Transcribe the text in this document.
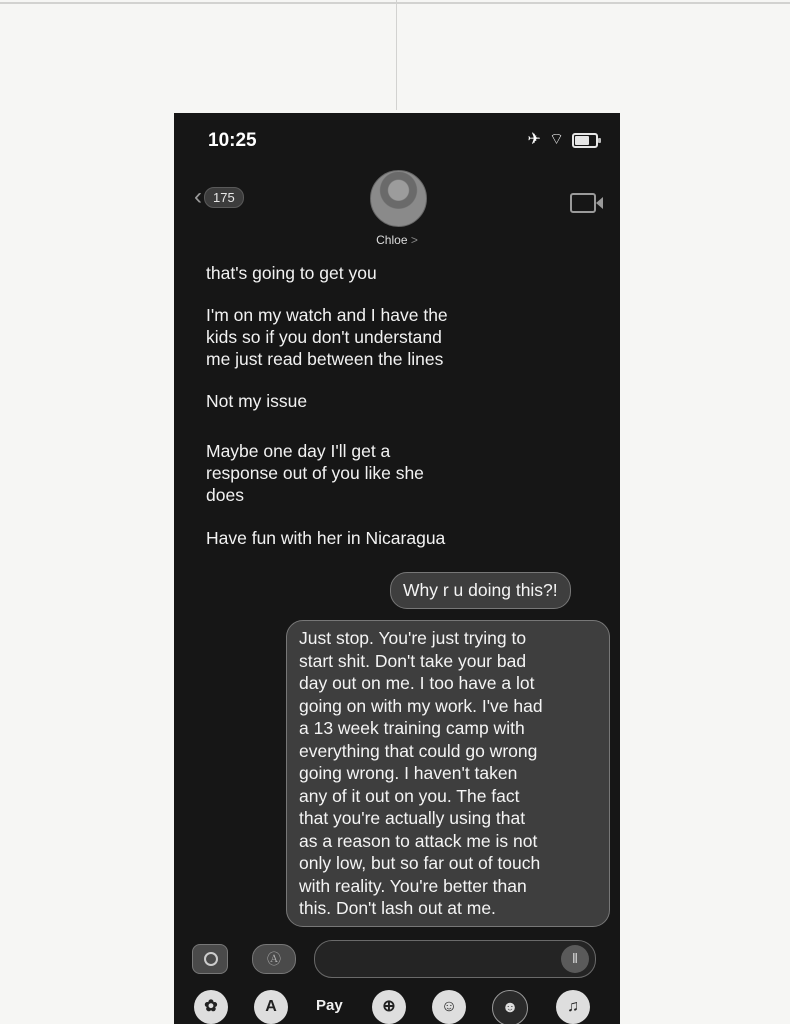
10:25	✈ ⌔
‹ 175
Chloe >
that's going to get you
I'm on my watch and I have the
kids so if you don't understand
me just read between the lines
Not my issue
Maybe one day I'll get a
response out of you like she
does
Have fun with her in Nicaragua
Why r u doing this?!
Just stop. You're just trying to
start shit. Don't take your bad
day out on me. I too have a lot
going on with my work. I've had
a 13 week training camp with
everything that could go wrong
going wrong. I haven't taken
any of it out on you. The fact
that you're actually using that
as a reason to attack me is not
only low, but so far out of touch
with reality. You're better than
this. Don't lash out at me.
Ⓐ	⦀
✿	A	Pay	⊕	☺	☻	♫
